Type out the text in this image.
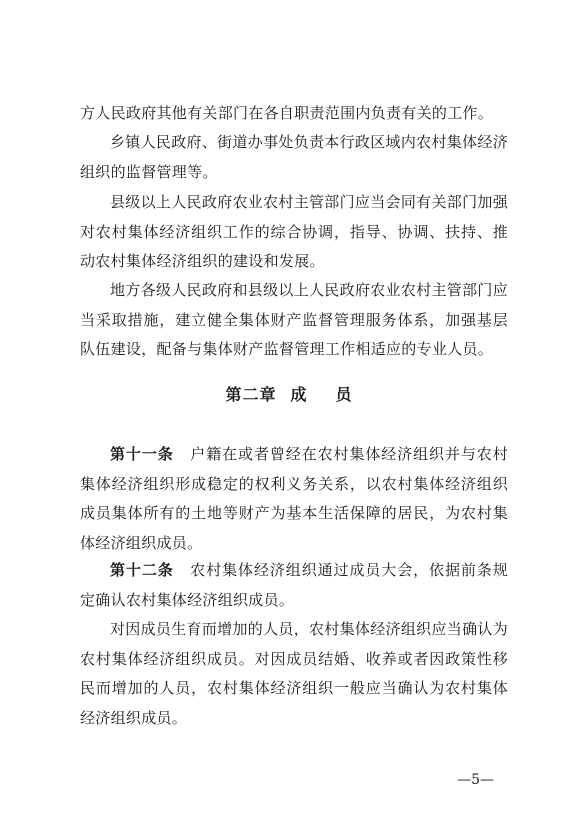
方人民政府其他有关部门在各自职责范围内负责有关的工作。

乡镇人民政府、街道办事处负责本行政区域内农村集体经济组织的监督管理等。

县级以上人民政府农业农村主管部门应当会同有关部门加强对农村集体经济组织工作的综合协调，指导、协调、扶持、推动农村集体经济组织的建设和发展。

地方各级人民政府和县级以上人民政府农业农村主管部门应当采取措施，建立健全集体财产监督管理服务体系，加强基层队伍建设，配备与集体财产监督管理工作相适应的专业人员。

第二章 成 员

第十一条 户籍在或者曾经在农村集体经济组织并与农村集体经济组织形成稳定的权利义务关系，以农村集体经济组织成员集体所有的土地等财产为基本生活保障的居民，为农村集体经济组织成员。

第十二条 农村集体经济组织通过成员大会，依据前条规定确认农村集体经济组织成员。

对因成员生育而增加的人员，农村集体经济组织应当确认为农村集体经济组织成员。对因成员结婚、收养或者因政策性移民而增加的人员，农村集体经济组织一般应当确认为农村集体经济组织成员。

—5—
